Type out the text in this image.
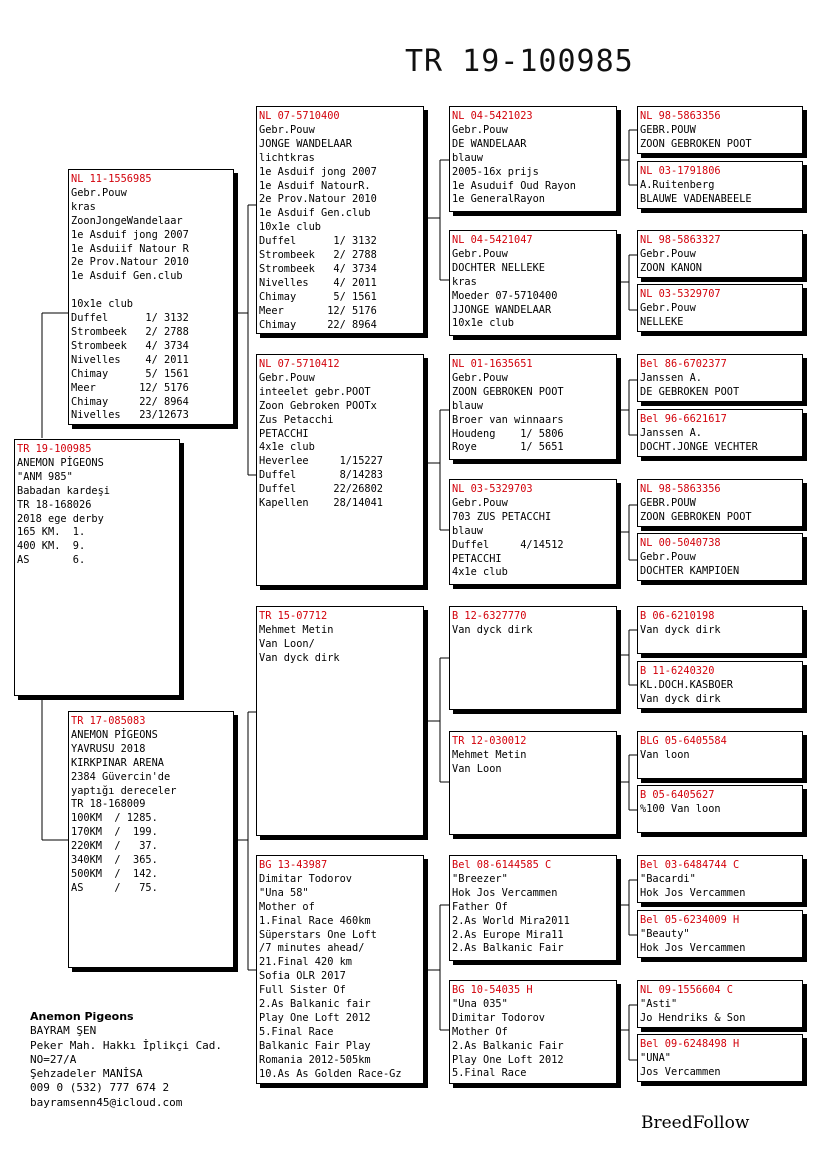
TR 19-100985
TR 19-100985
ANEMON PİGEONS
"ANM 985"
Babadan kardeşi
TR 18-168026
2018 ege derby
165 KM.  1.
400 KM.  9.
AS       6.
NL 11-1556985
Gebr.Pouw
kras
ZoonJongeWandelaar
1e Asduif jong 2007
1e Asduiif Natour R
2e Prov.Natour 2010
1e Asduif Gen.club

10x1e club
Duffel      1/ 3132
Strombeek   2/ 2788
Strombeek   4/ 3734
Nivelles    4/ 2011
Chimay      5/ 1561
Meer       12/ 5176
Chimay     22/ 8964
Nivelles   23/12673
TR 17-085083
ANEMON PİGEONS
YAVRUSU 2018
KIRKPINAR ARENA
2384 Güvercin'de
yaptığı dereceler
TR 18-168009
100KM  / 1285.
170KM  /  199.
220KM  /   37.
340KM  /  365.
500KM  /  142.
AS     /   75.
NL 07-5710400
Gebr.Pouw
JONGE WANDELAAR
lichtkras
1e Asduif jong 2007
1e Asduif NatourR.
2e Prov.Natour 2010
1e Asduif Gen.club
10x1e club
Duffel      1/ 3132
Strombeek   2/ 2788
Strombeek   4/ 3734
Nivelles    4/ 2011
Chimay      5/ 1561
Meer       12/ 5176
Chimay     22/ 8964
NL 07-5710412
Gebr.Pouw
inteelet gebr.POOT
Zoon Gebroken POOTx
Zus Petacchi
PETACCHI
4x1e club
Heverlee     1/15227
Duffel       8/14283
Duffel      22/26802
Kapellen    28/14041
TR 15-07712
Mehmet Metin
Van Loon/
Van dyck dirk
BG 13-43987
Dimitar Todorov
"Una 58"
Mother of
1.Final Race 460km
Süperstars One Loft
/7 minutes ahead/
21.Final 420 km
Sofia OLR 2017
Full Sister Of
2.As Balkanic fair
Play One Loft 2012
5.Final Race
Balkanic Fair Play
Romania 2012-505km
10.As As Golden Race-Gz
NL 04-5421023
Gebr.Pouw
DE WANDELAAR
blauw
2005-16x prijs
1e Asuduif Oud Rayon
1e GeneralRayon
NL 04-5421047
Gebr.Pouw
DOCHTER NELLEKE
kras
Moeder 07-5710400
JJONGE WANDELAAR
10x1e club
NL 01-1635651
Gebr.Pouw
ZOON GEBROKEN POOT
blauw
Broer van winnaars
Houdeng    1/ 5806
Roye       1/ 5651
NL 03-5329703
Gebr.Pouw
703 ZUS PETACCHI
blauw
Duffel     4/14512
PETACCHI
4x1e club
B 12-6327770
Van dyck dirk
TR 12-030012
Mehmet Metin
Van Loon
Bel 08-6144585 C
"Breezer"
Hok Jos Vercammen
Father Of
2.As World Mira2011
2.As Europe Mira11
2.As Balkanic Fair
BG 10-54035 H
"Una 035"
Dimitar Todorov
Mother Of
2.As Balkanic Fair
Play One Loft 2012
5.Final Race
NL 98-5863356
GEBR.POUW
ZOON GEBROKEN POOT
NL 03-1791806
A.Ruitenberg
BLAUWE VADENABEELE
NL 98-5863327
Gebr.Pouw
ZOON KANON
NL 03-5329707
Gebr.Pouw
NELLEKE
Bel 86-6702377
Janssen A.
DE GEBROKEN POOT
Bel 96-6621617
Janssen A.
DOCHT.JONGE VECHTER
NL 98-5863356
GEBR.POUW
ZOON GEBROKEN POOT
NL 00-5040738
Gebr.Pouw
DOCHTER KAMPIOEN
B 06-6210198
Van dyck dirk
B 11-6240320
KL.DOCH.KASBOER
Van dyck dirk
BLG 05-6405584
Van loon
B 05-6405627
%100 Van loon
Bel 03-6484744 C
"Bacardi"
Hok Jos Vercammen
Bel 05-6234009 H
"Beauty"
Hok Jos Vercammen
NL 09-1556604 C
"Asti"
Jo Hendriks & Son
Bel 09-6248498 H
"UNA"
Jos Vercammen
Anemon Pigeons
BAYRAM ŞEN
Peker Mah. Hakkı İplikçi Cad.
NO=27/A
Şehzadeler MANİSA
009 0 (532) 777 674 2
bayramsenn45@icloud.com
BreedFollow
